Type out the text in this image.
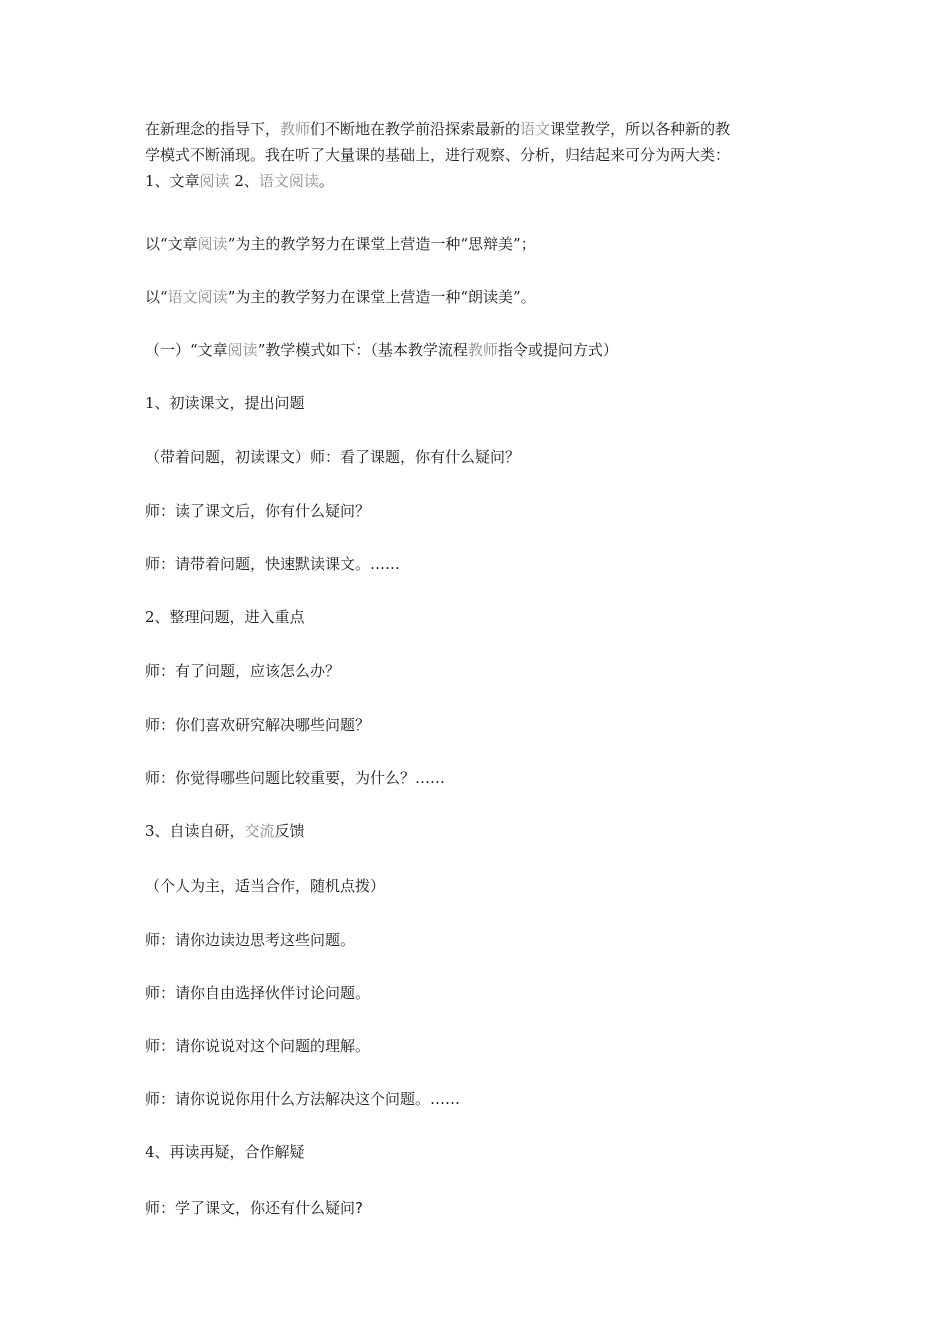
在新理念的指导下，教师们不断地在教学前沿探索最新的语文课堂教学，所以各种新的教

学模式不断涌现。我在听了大量课的基础上，进行观察、分析，归结起来可分为两大类：

1、文章阅读 2、语文阅读。

以“文章阅读”为主的教学努力在课堂上营造一种“思辩美”；
以“语文阅读”为主的教学努力在课堂上营造一种“朗读美”。
（一）“文章阅读”教学模式如下：（基本教学流程教师指令或提问方式）
1、初读课文，提出问题
（带着问题，初读课文）师：看了课题，你有什么疑问？
师：读了课文后，你有什么疑问？
师：请带着问题，快速默读课文。……
2、整理问题，进入重点
师：有了问题，应该怎么办？
师：你们喜欢研究解决哪些问题？
师：你觉得哪些问题比较重要，为什么？……
3、自读自研，交流反馈
（个人为主，适当合作，随机点拨）
师：请你边读边思考这些问题。
师：请你自由选择伙伴讨论问题。
师：请你说说对这个问题的理解。
师：请你说说你用什么方法解决这个问题。……
4、再读再疑，合作解疑
师：学了课文，你还有什么疑问?
